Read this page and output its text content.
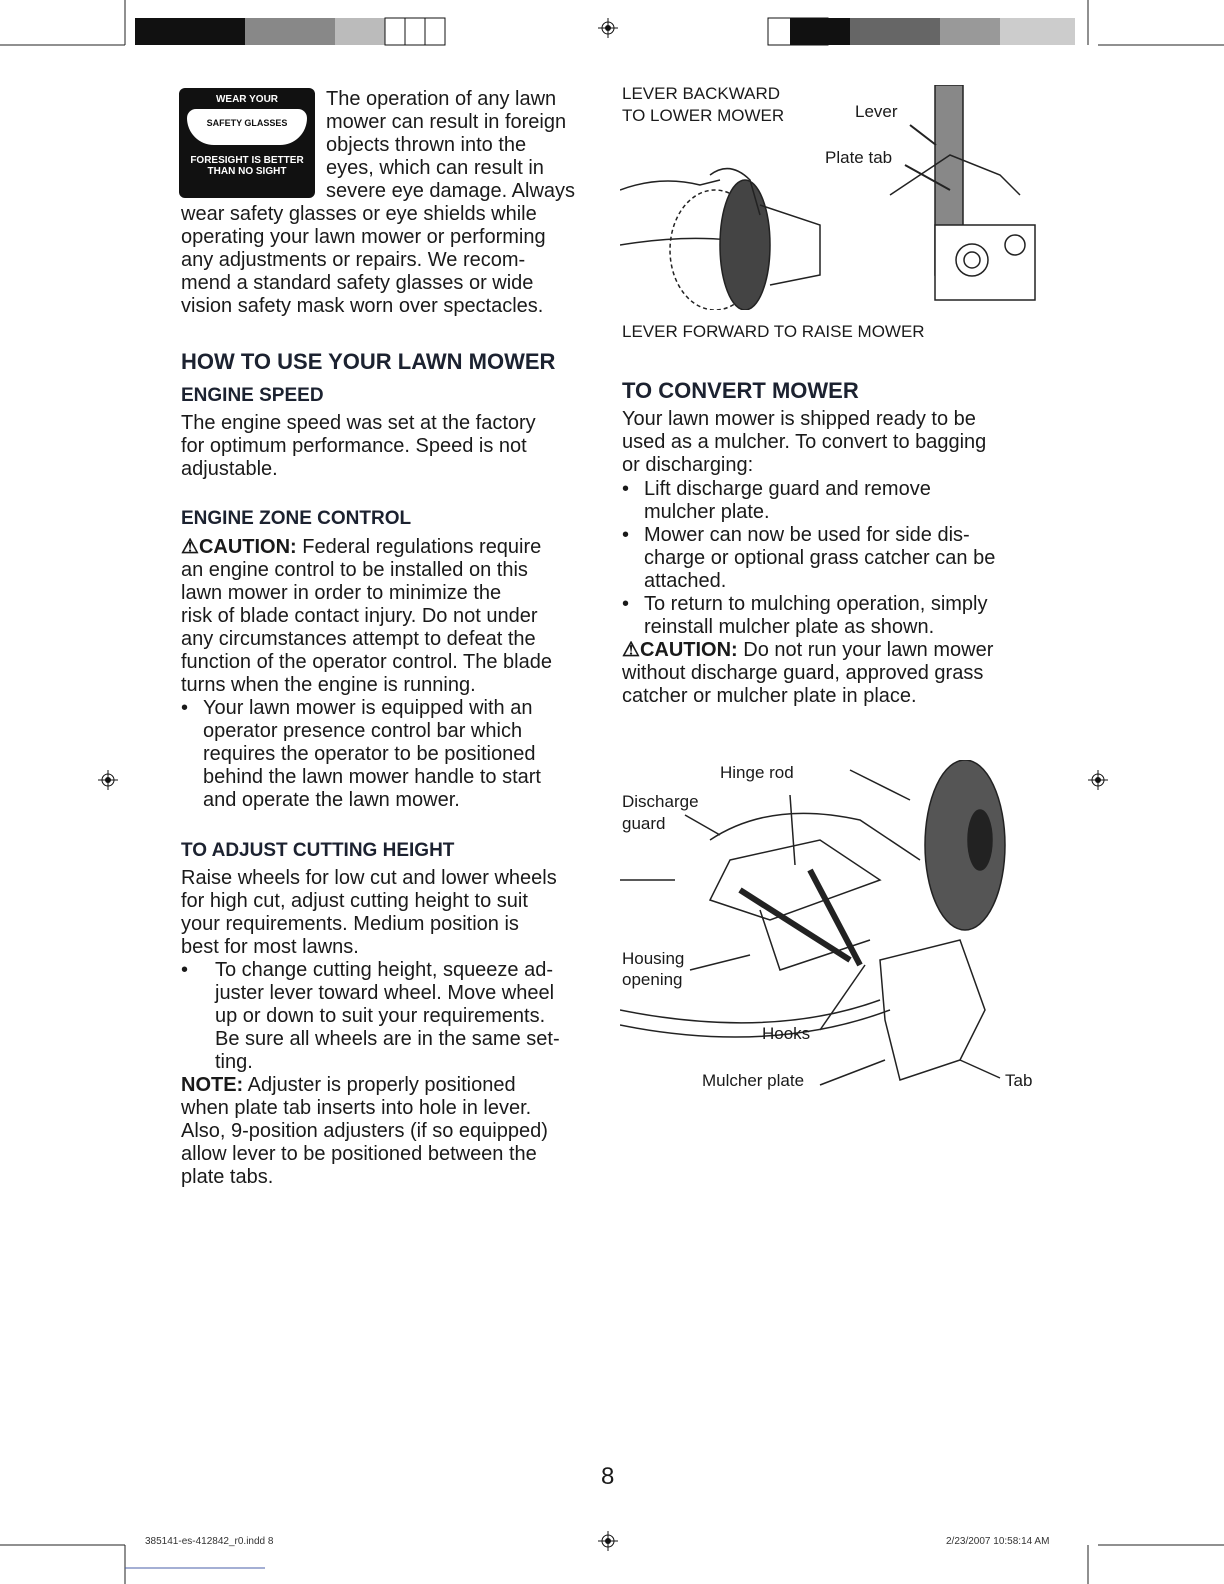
WEAR YOUR
SAFETY GLASSES
FORESIGHT IS BETTER
THAN NO SIGHT
The operation of any lawn
mower can result in foreign
objects thrown into the
eyes, which can result in
severe eye damage. Always
wear safety glasses or eye shields while
operating your lawn mower or performing
any adjustments or repairs. We recom-
mend a standard safety glasses or wide
vision safety mask worn over spectacles.
HOW TO USE YOUR LAWN MOWER
ENGINE SPEED
The engine speed was set at the factory
for optimum performance. Speed is not
adjustable.
ENGINE ZONE CONTROL
⚠CAUTION: Federal regulations require
an engine control to be installed on this
lawn mower in order to minimize the
risk of blade contact injury. Do not under
any circumstances attempt to defeat the
function of the operator control. The blade
turns when the engine is running.
• Your lawn mower is equipped with an
operator presence control bar which
requires the operator to be positioned
behind the lawn mower handle to start
and operate the lawn mower.
TO ADJUST CUTTING HEIGHT
Raise wheels for low cut and lower wheels
for high cut, adjust cutting height to suit
your requirements. Medium position is
best for most lawns.
• To change cutting height, squeeze ad-
juster lever toward wheel. Move wheel
up or down to suit your requirements.
Be sure all wheels are in the same set-
ting.
NOTE: Adjuster is properly positioned
when plate tab inserts into hole in lever.
Also, 9-position adjusters (if so equipped)
allow lever to be positioned between the
plate tabs.
LEVER BACKWARD
TO LOWER MOWER	Lever
Plate tab
LEVER FORWARD TO RAISE MOWER
TO CONVERT MOWER
Your lawn mower is shipped ready to be
used as a mulcher. To convert to bagging
or discharging:
• Lift discharge guard and remove
mulcher plate.
• Mower can now be used for side dis-
charge or optional grass catcher can be
attached.
• To return to mulching operation, simply
reinstall mulcher plate as shown.
⚠CAUTION: Do not run your lawn mower
without discharge guard, approved grass
catcher or mulcher plate in place.
Hinge rod
Discharge
guard
Housing
opening
Hooks
Mulcher plate	Tab
8
385141-es-412842_r0.indd 8	2/23/2007 10:58:14 AM
